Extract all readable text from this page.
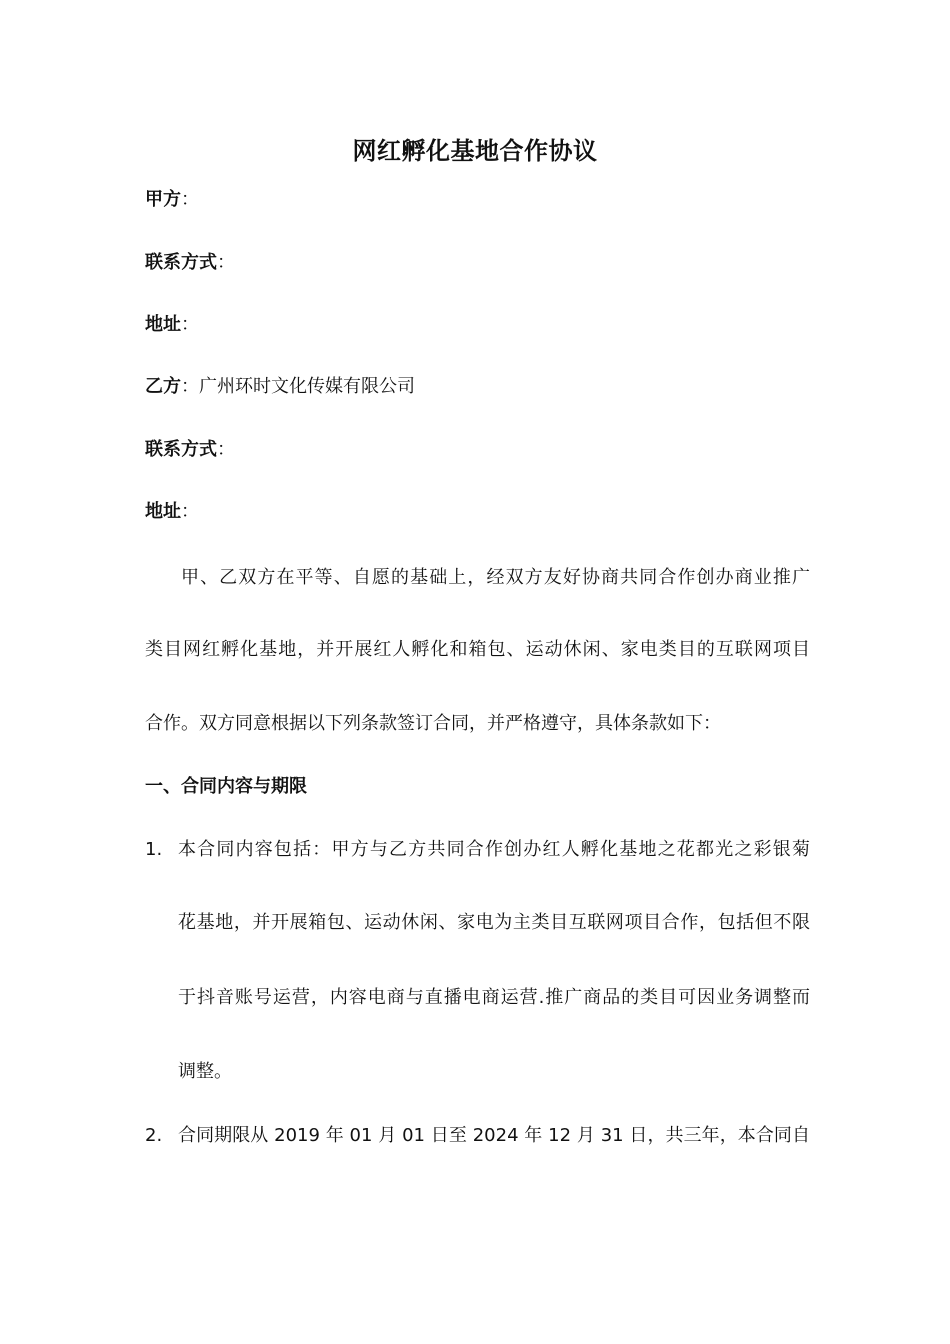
网红孵化基地合作协议
甲方：
联系方式：
地址：
乙方：广州环时文化传媒有限公司
联系方式：
地址：
甲、乙双方在平等、自愿的基础上，经双方友好协商共同合作创办商业推广
类目网红孵化基地，并开展红人孵化和箱包、运动休闲、家电类目的互联网项目
合作。双方同意根据以下列条款签订合同，并严格遵守，具体条款如下：
一、合同内容与期限
1. 本合同内容包括：甲方与乙方共同合作创办红人孵化基地之花都光之彩银菊
花基地，并开展箱包、运动休闲、家电为主类目互联网项目合作，包括但不限
于抖音账号运营，内容电商与直播电商运营.推广商品的类目可因业务调整而
调整。
2. 合同期限从 2019 年 01 月 01 日至 2024 年 12 月 31 日，共三年，本合同自
